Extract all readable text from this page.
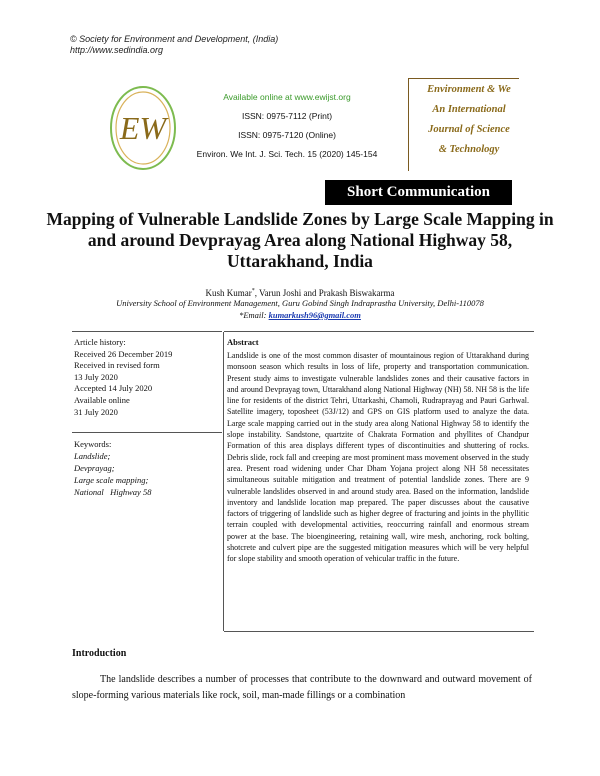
© Society for Environment and Development, (India)
http://www.sedindia.org
EW
Available online at www.ewijst.org
ISSN: 0975-7112 (Print)
ISSN: 0975-7120 (Online)
Environ. We Int. J. Sci. Tech. 15 (2020) 145-154
Environment & We
An International
Journal of Science
& Technology
Short Communication
Mapping of Vulnerable Landslide Zones by Large Scale Mapping in and around Devprayag Area along National Highway 58, Uttarakhand, India
Kush Kumar*, Varun Joshi and Prakash Biswakarma
University School of Environment Management, Guru Gobind Singh Indraprastha University, Delhi-110078
*Email: kumarkush96@gmail.com
Article history:
Received 26 December 2019
Received in revised form
13 July 2020
Accepted 14 July 2020
Available online
31 July 2020
Keywords:
Landslide;
Devprayag;
Large scale mapping;
National   Highway 58
Abstract
Landslide is one of the most common disaster of mountainous region of Uttarakhand during monsoon season which results in loss of life, property and transportation communication. Present study aims to investigate vulnerable landslides zones and their causative factors in and around Devprayag town, Uttarakhand along National Highway (NH) 58. NH 58 is the life line for residents of the district Tehri, Uttarkashi, Chamoli, Rudraprayag and Pauri Garhwal. Satellite imagery, toposheet (53J/12) and GPS on GIS platform used to analyze the data. Large scale mapping carried out in the study area along National Highway 58 to identify the slope instability. Sandstone, quartzite of Chakrata Formation and phyllites of Chandpur Formation of this area displays different types of discontinuities and shuttering of rocks. Debris slide, rock fall and creeping are most prominent mass movement observed in the study area. Present road widening under Char Dham Yojana project along NH 58 necessitates simultaneous suitable mitigation and treatment of potential landslide zones. There are 9 vulnerable landslides observed in and around study area. Based on the information, landslide inventory and landslide location map prepared. The paper discusses about the causative factors of triggering of landslide such as higher degree of fracturing and joints in the phyllitic terrain coupled with developmental activities, reoccurring rainfall and enormous stream power at the base. The bioengineering, retaining wall, wire mesh, anchoring, rock bolting, shotcrete and culvert pipe are the suggested mitigation measures which will be very helpful for slope stability and smooth operation of vehicular traffic in the future.
Introduction
The landslide describes a number of processes that contribute to the downward and outward movement of slope-forming various materials like rock, soil, man-made fillings or a combination
